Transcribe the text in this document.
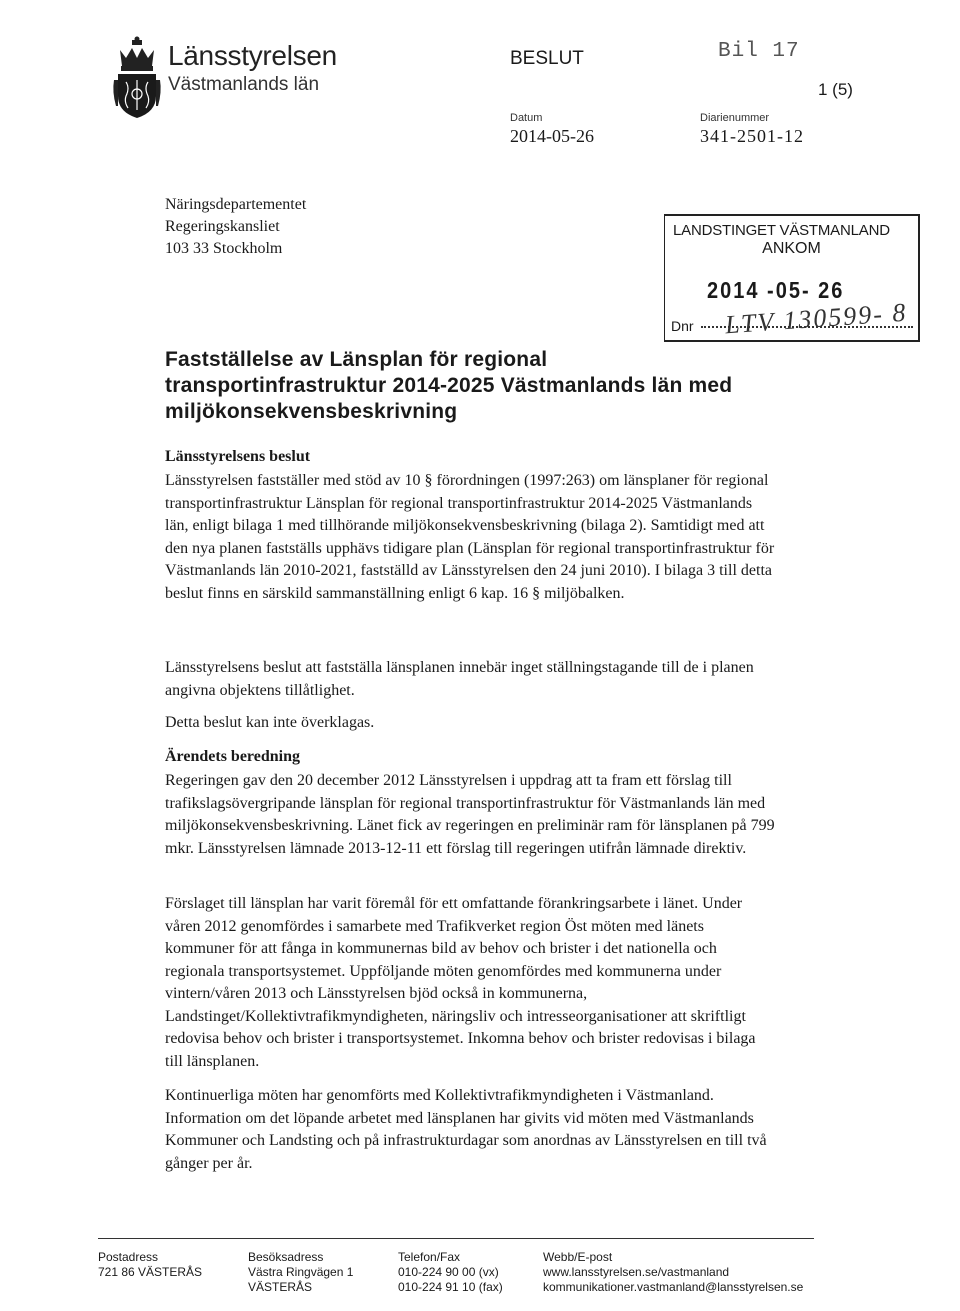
Länsstyrelsen
Västmanlands län
BESLUT	Bil 17
1 (5)
Datum
2014-05-26
Diarienummer
341-2501-12
Näringsdepartementet
Regeringskansliet
103 33 Stockholm
LANDSTINGET VÄSTMANLAND
ANKOM
2014 -05- 26
Dnr LTV 130599- 8
Fastställelse av Länsplan för regional
transportinfrastruktur 2014-2025 Västmanlands län med
miljökonsekvensbeskrivning
Länsstyrelsens beslut

Länsstyrelsen fastställer med stöd av 10 § förordningen (1997:263) om länsplaner för regional transportinfrastruktur Länsplan för regional transportinfrastruktur 2014-2025 Västmanlands län, enligt bilaga 1 med tillhörande miljökonsekvensbeskrivning (bilaga 2). Samtidigt med att den nya planen fastställs upphävs tidigare plan (Länsplan för regional transportinfrastruktur för Västmanlands län 2010-2021, fastställd av Länsstyrelsen den 24 juni 2010). I bilaga 3 till detta beslut finns en särskild sammanställning enligt 6 kap. 16 § miljöbalken.

Länsstyrelsens beslut att fastställa länsplanen innebär inget ställningstagande till de i planen angivna objektens tillåtlighet.

Detta beslut kan inte överklagas.

Ärendets beredning

Regeringen gav den 20 december 2012 Länsstyrelsen i uppdrag att ta fram ett förslag till trafikslagsövergripande länsplan för regional transportinfrastruktur för Västmanlands län med miljökonsekvensbeskrivning. Länet fick av regeringen en preliminär ram för länsplanen på 799 mkr. Länsstyrelsen lämnade 2013-12-11 ett förslag till regeringen utifrån lämnade direktiv.

Förslaget till länsplan har varit föremål för ett omfattande förankringsarbete i länet. Under våren 2012 genomfördes i samarbete med Trafikverket region Öst möten med länets kommuner för att fånga in kommunernas bild av behov och brister i det nationella och regionala transportsystemet. Uppföljande möten genomfördes med kommunerna under vintern/våren 2013 och Länsstyrelsen bjöd också in kommunerna, Landstinget/Kollektivtrafikmyndigheten, näringsliv och intresseorganisationer att skriftligt redovisa behov och brister i transportsystemet. Inkomna behov och brister redovisas i bilaga till länsplanen.

Kontinuerliga möten har genomförts med Kollektivtrafikmyndigheten i Västmanland. Information om det löpande arbetet med länsplanen har givits vid möten med Västmanlands Kommuner och Landsting och på infrastrukturdagar som anordnas av Länsstyrelsen en till två gånger per år.

Postadress
721 86 VÄSTERÅS
Besöksadress
Västra Ringvägen 1
VÄSTERÅS
Telefon/Fax
010-224 90 00 (vx)
010-224 91 10 (fax)
Webb/E-post
www.lansstyrelsen.se/vastmanland
kommunikationer.vastmanland@lansstyrelsen.se
